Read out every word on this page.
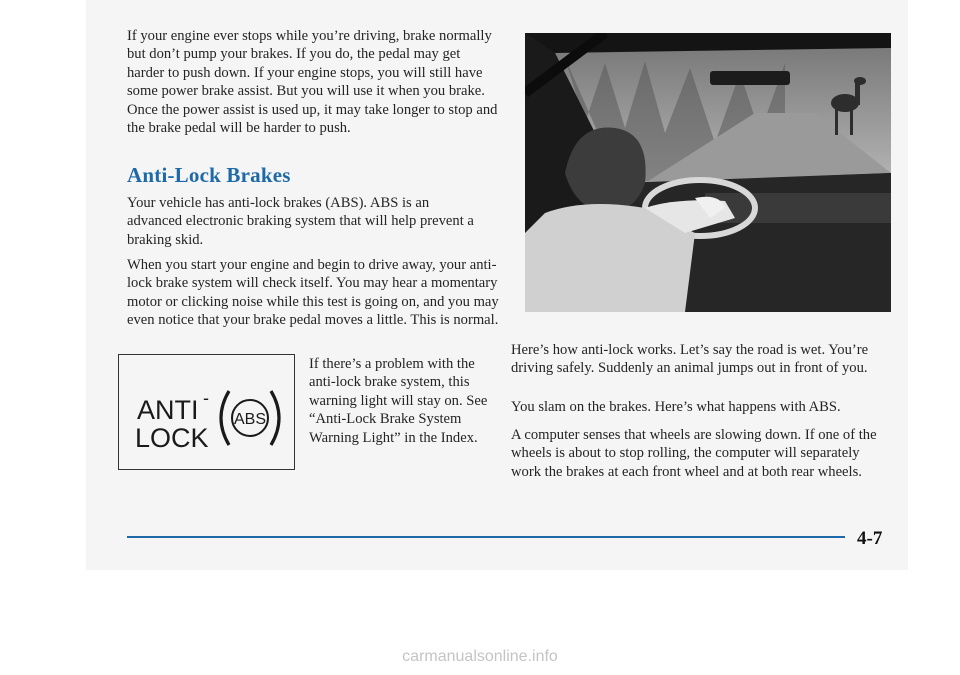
If your engine ever stops while you’re driving, brake normally but don’t pump your brakes. If you do, the pedal may get harder to push down. If your engine stops, you will still have some power brake assist. But you will use it when you brake. Once the power assist is used up, it may take longer to stop and the brake pedal will be harder to push.

Anti-Lock Brakes

Your vehicle has anti-lock brakes (ABS). ABS is an advanced electronic braking system that will help prevent a braking skid.

When you start your engine and begin to drive away, your anti-lock brake system will check itself. You may hear a momentary motor or clicking noise while this test is going on, and you may even notice that your brake pedal moves a little. This is normal.

ANTI -
LOCK
ABS

If there’s a problem with the anti-lock brake system, this warning light will stay on. See “Anti-Lock Brake System Warning Light” in the Index.

Here’s how anti-lock works. Let’s say the road is wet. You’re driving safely. Suddenly an animal jumps out in front of you.

You slam on the brakes. Here’s what happens with ABS.

A computer senses that wheels are slowing down. If one of the wheels is about to stop rolling, the computer will separately work the brakes at each front wheel and at both rear wheels.

4-7

carmanualsonline.info
